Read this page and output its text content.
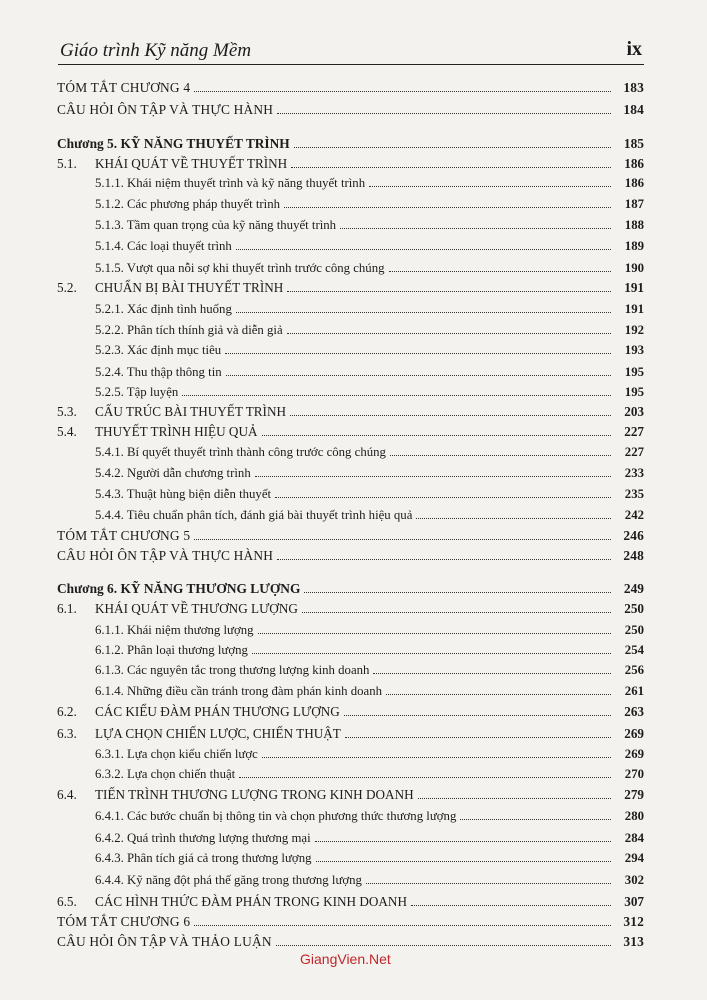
Giáo trình Kỹ năng Mềm	ix
TÓM TẮT CHƯƠNG 4	183
CÂU HỎI ÔN TẬP VÀ THỰC HÀNH	184
Chương 5. KỸ NĂNG THUYẾT TRÌNH	185
5.1. KHÁI QUÁT VỀ THUYẾT TRÌNH	186
5.1.1. Khái niệm thuyết trình và kỹ năng thuyết trình	186
5.1.2. Các phương pháp thuyết trình	187
5.1.3. Tầm quan trọng của kỹ năng thuyết trình	188
5.1.4. Các loại thuyết trình	189
5.1.5. Vượt qua nỗi sợ khi thuyết trình trước công chúng	190
5.2. CHUẨN BỊ BÀI THUYẾT TRÌNH	191
5.2.1. Xác định tình huống	191
5.2.2. Phân tích thính giả và diễn giả	192
5.2.3. Xác định mục tiêu	193
5.2.4. Thu thập thông tin	195
5.2.5. Tập luyện	195
5.3. CẤU TRÚC BÀI THUYẾT TRÌNH	203
5.4. THUYẾT TRÌNH HIỆU QUẢ	227
5.4.1. Bí quyết thuyết trình thành công trước công chúng	227
5.4.2. Người dẫn chương trình	233
5.4.3. Thuật hùng biện diễn thuyết	235
5.4.4. Tiêu chuẩn phân tích, đánh giá bài thuyết trình hiệu quả	242
TÓM TẮT CHƯƠNG 5	246
CÂU HỎI ÔN TẬP VÀ THỰC HÀNH	248
Chương 6. KỸ NĂNG THƯƠNG LƯỢNG	249
6.1. KHÁI QUÁT VỀ THƯƠNG LƯỢNG	250
6.1.1. Khái niệm thương lượng	250
6.1.2. Phân loại thương lượng	254
6.1.3. Các nguyên tắc trong thương lượng kinh doanh	256
6.1.4. Những điều cần tránh trong đàm phán kinh doanh	261
6.2. CÁC KIỂU ĐÀM PHÁN THƯƠNG LƯỢNG	263
6.3. LỰA CHỌN CHIẾN LƯỢC, CHIẾN THUẬT	269
6.3.1. Lựa chọn kiểu chiến lược	269
6.3.2. Lựa chọn chiến thuật	270
6.4. TIẾN TRÌNH THƯƠNG LƯỢNG TRONG KINH DOANH	279
6.4.1. Các bước chuẩn bị thông tin và chọn phương thức thương lượng	280
6.4.2. Quá trình thương lượng thương mại	284
6.4.3. Phân tích giá cả trong thương lượng	294
6.4.4. Kỹ năng đột phá thế găng trong thương lượng	302
6.5. CÁC HÌNH THỨC ĐÀM PHÁN TRONG KINH DOANH	307
TÓM TẮT CHƯƠNG 6	312
CÂU HỎI ÔN TẬP VÀ THẢO LUẬN	313
GiangVien.Net
